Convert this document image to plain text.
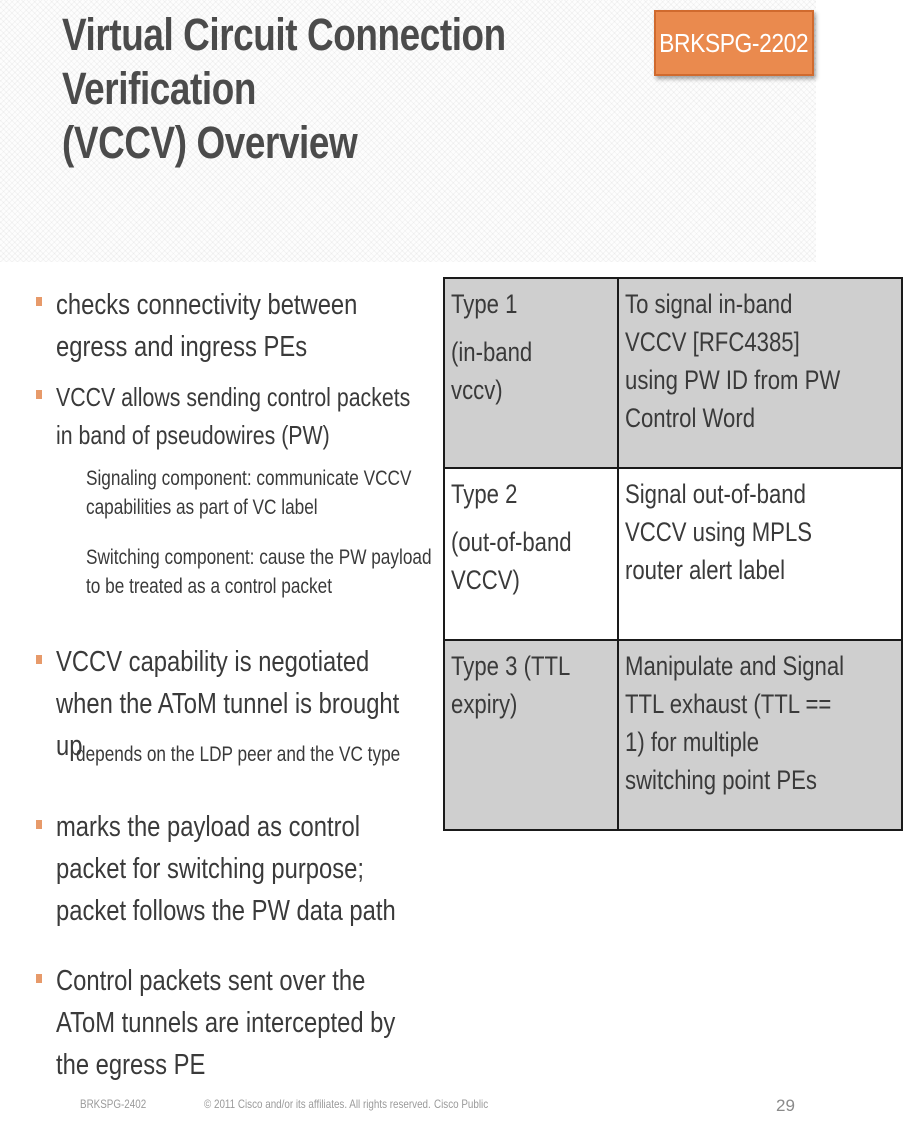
Virtual Circuit Connection Verification
(VCCV) Overview
BRKSPG-2202
checks connectivity between egress and ingress PEs
VCCV allows sending control packets in band of pseudowires (PW)
Signaling component: communicate VCCV capabilities as part of VC label
Switching component: cause the PW payload to be treated as a control packet
VCCV capability is negotiated when the AToM tunnel is brought up
depends on the LDP peer and the VC type
marks the payload as control packet for switching purpose; packet follows the PW data path
Control packets sent over the AToM tunnels are intercepted by the egress PE
Type 1
(in-band vccv)	To signal in-band VCCV [RFC4385] using PW ID from PW Control Word

Type 2
(out-of-band VCCV)	Signal out-of-band VCCV using MPLS router alert label

Type 3 (TTL expiry)	Manipulate and Signal TTL exhaust (TTL == 1) for multiple switching point PEs
BRKSPG-2402	© 2011 Cisco and/or its affiliates. All rights reserved. Cisco Public	29
